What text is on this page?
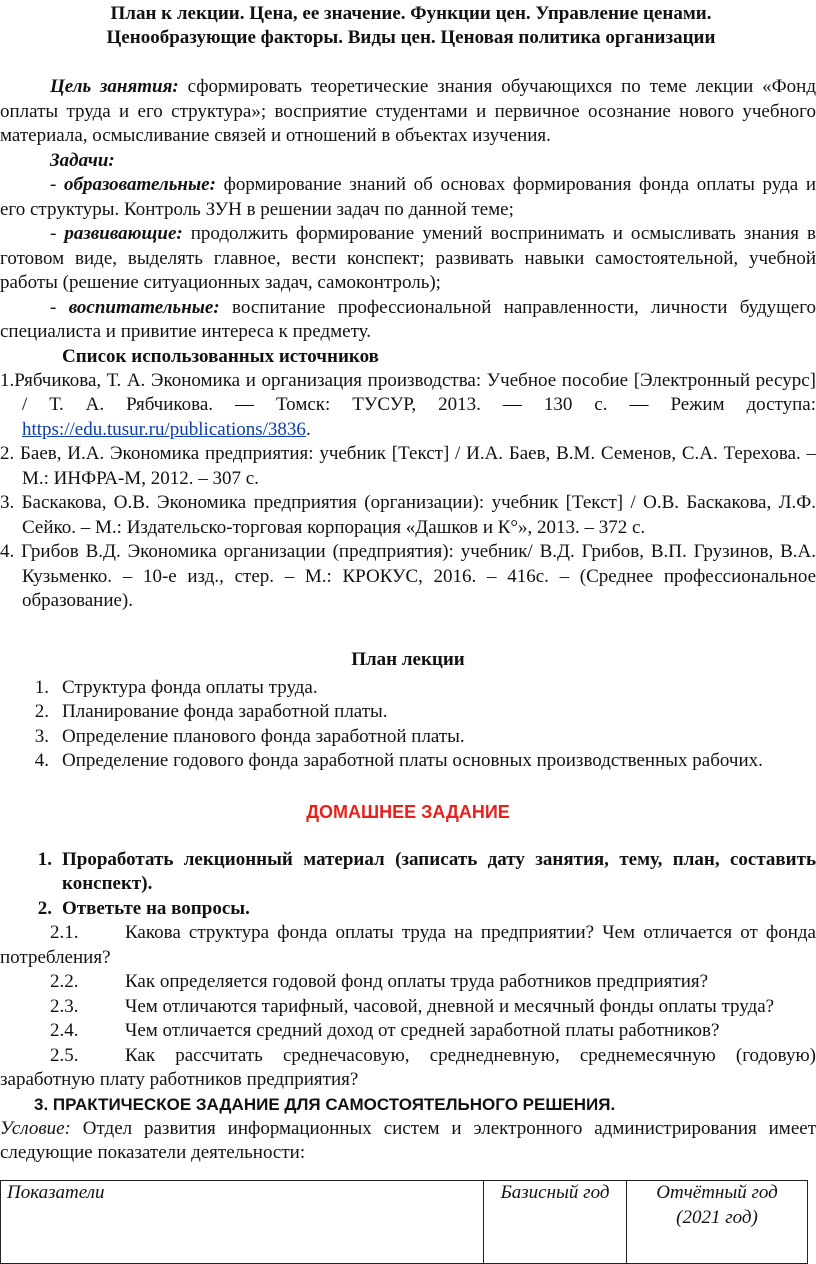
План к лекции. Цена, ее значение. Функции цен. Управление ценами.
Ценообразующие факторы. Виды цен. Ценовая политика организации

Цель занятия: сформировать теоретические знания обучающихся по теме лекции «Фонд оплаты труда и его структура»; восприятие студентами и первичное осознание нового учебного материала, осмысливание связей и отношений в объектах изучения.

Задачи:

- образовательные: формирование знаний об основах формирования фонда оплаты руда и его структуры. Контроль ЗУН в решении задач по данной теме;

- развивающие: продолжить формирование умений воспринимать и осмысливать знания в готовом виде, выделять главное, вести конспект; развивать навыки самостоятельной, учебной работы (решение ситуационных задач, самоконтроль);

- воспитательные: воспитание профессиональной направленности, личности будущего специалиста и привитие интереса к предмету.

Список использованных источников

1.Рябчикова, Т. А. Экономика и организация производства: Учебное пособие [Электронный ресурс] / Т. А. Рябчикова. — Томск: ТУСУР, 2013. — 130 с. — Режим доступа: https://edu.tusur.ru/publications/3836.

2. Баев, И.А. Экономика предприятия: учебник [Текст] / И.А. Баев, В.М. Семенов, С.А. Терехова. – М.: ИНФРА-М, 2012. – 307 с.

3. Баскакова, О.В. Экономика предприятия (организации): учебник [Текст] / О.В. Баскакова, Л.Ф. Сейко. – М.: Издательско-торговая корпорация «Дашков и К°», 2013. – 372 с.

4. Грибов В.Д. Экономика организации (предприятия): учебник/ В.Д. Грибов, В.П. Грузинов, В.А. Кузьменко. – 10-е изд., стер. – М.: КРОКУС, 2016. – 416с. – (Среднее профессиональное образование).

План лекции
1. Структура фонда оплаты труда.
2. Планирование фонда заработной платы.
3. Определение планового фонда заработной платы.
4. Определение годового фонда заработной платы основных производственных рабочих.
ДОМАШНЕЕ ЗАДАНИЕ
1. Проработать лекционный материал (записать дату занятия, тему, план, составить конспект).
2. Ответьте на вопросы.

2.1. Какова структура фонда оплаты труда на предприятии? Чем отличается от фонда потребления?

2.2. Как определяется годовой фонд оплаты труда работников предприятия?

2.3. Чем отличаются тарифный, часовой, дневной и месячный фонды оплаты труда?

2.4. Чем отличается средний доход от средней заработной платы работников?

2.5. Как рассчитать среднечасовую, среднедневную, среднемесячную (годовую) заработную плату работников предприятия?

3. ПРАКТИЧЕСКОЕ ЗАДАНИЕ ДЛЯ САМОСТОЯТЕЛЬНОГО РЕШЕНИЯ.

Условие: Отдел развития информационных систем и электронного администрирования имеет следующие показатели деятельности:

Показатели	Базисный год	Отчётный год
(2021 год)
